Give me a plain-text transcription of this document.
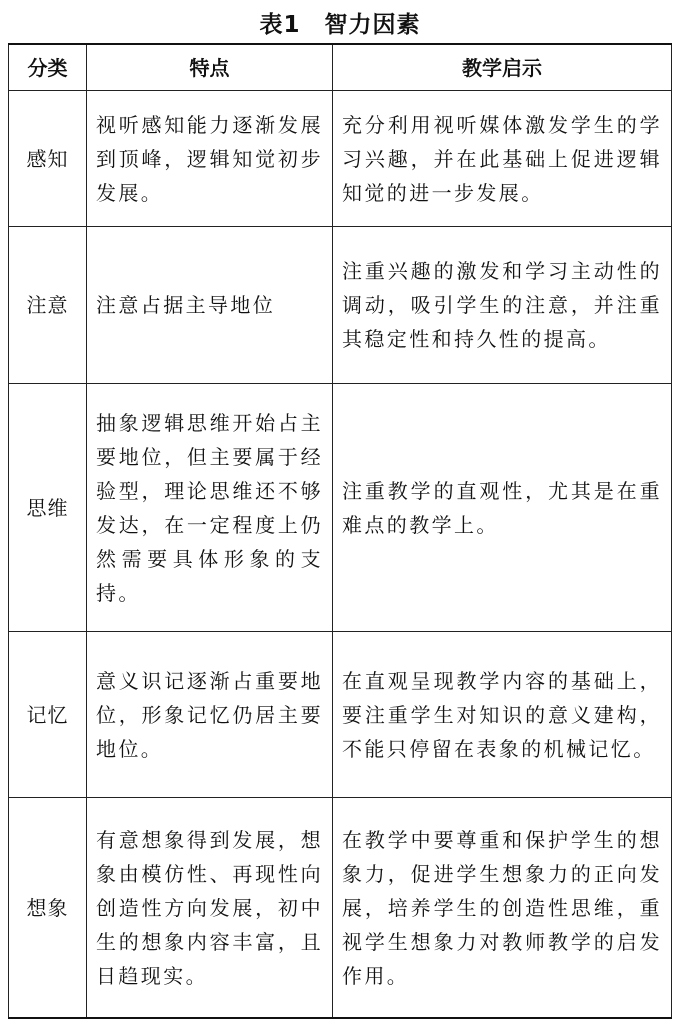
表1 智力因素
分类	特点	教学启示
感知	视听感知能力逐渐发展到顶峰，逻辑知觉初步发展。	充分利用视听媒体激发学生的学习兴趣，并在此基础上促进逻辑知觉的进一步发展。
注意	注意占据主导地位	注重兴趣的激发和学习主动性的调动，吸引学生的注意，并注重其稳定性和持久性的提高。
思维	抽象逻辑思维开始占主要地位，但主要属于经验型，理论思维还不够发达，在一定程度上仍然需要具体形象的支持。	注重教学的直观性，尤其是在重难点的教学上。
记忆	意义识记逐渐占重要地位，形象记忆仍居主要地位。	在直观呈现教学内容的基础上，要注重学生对知识的意义建构，不能只停留在表象的机械记忆。
想象	有意想象得到发展，想象由模仿性、再现性向创造性方向发展，初中生的想象内容丰富，且日趋现实。	在教学中要尊重和保护学生的想象力，促进学生想象力的正向发展，培养学生的创造性思维，重视学生想象力对教师教学的启发作用。
